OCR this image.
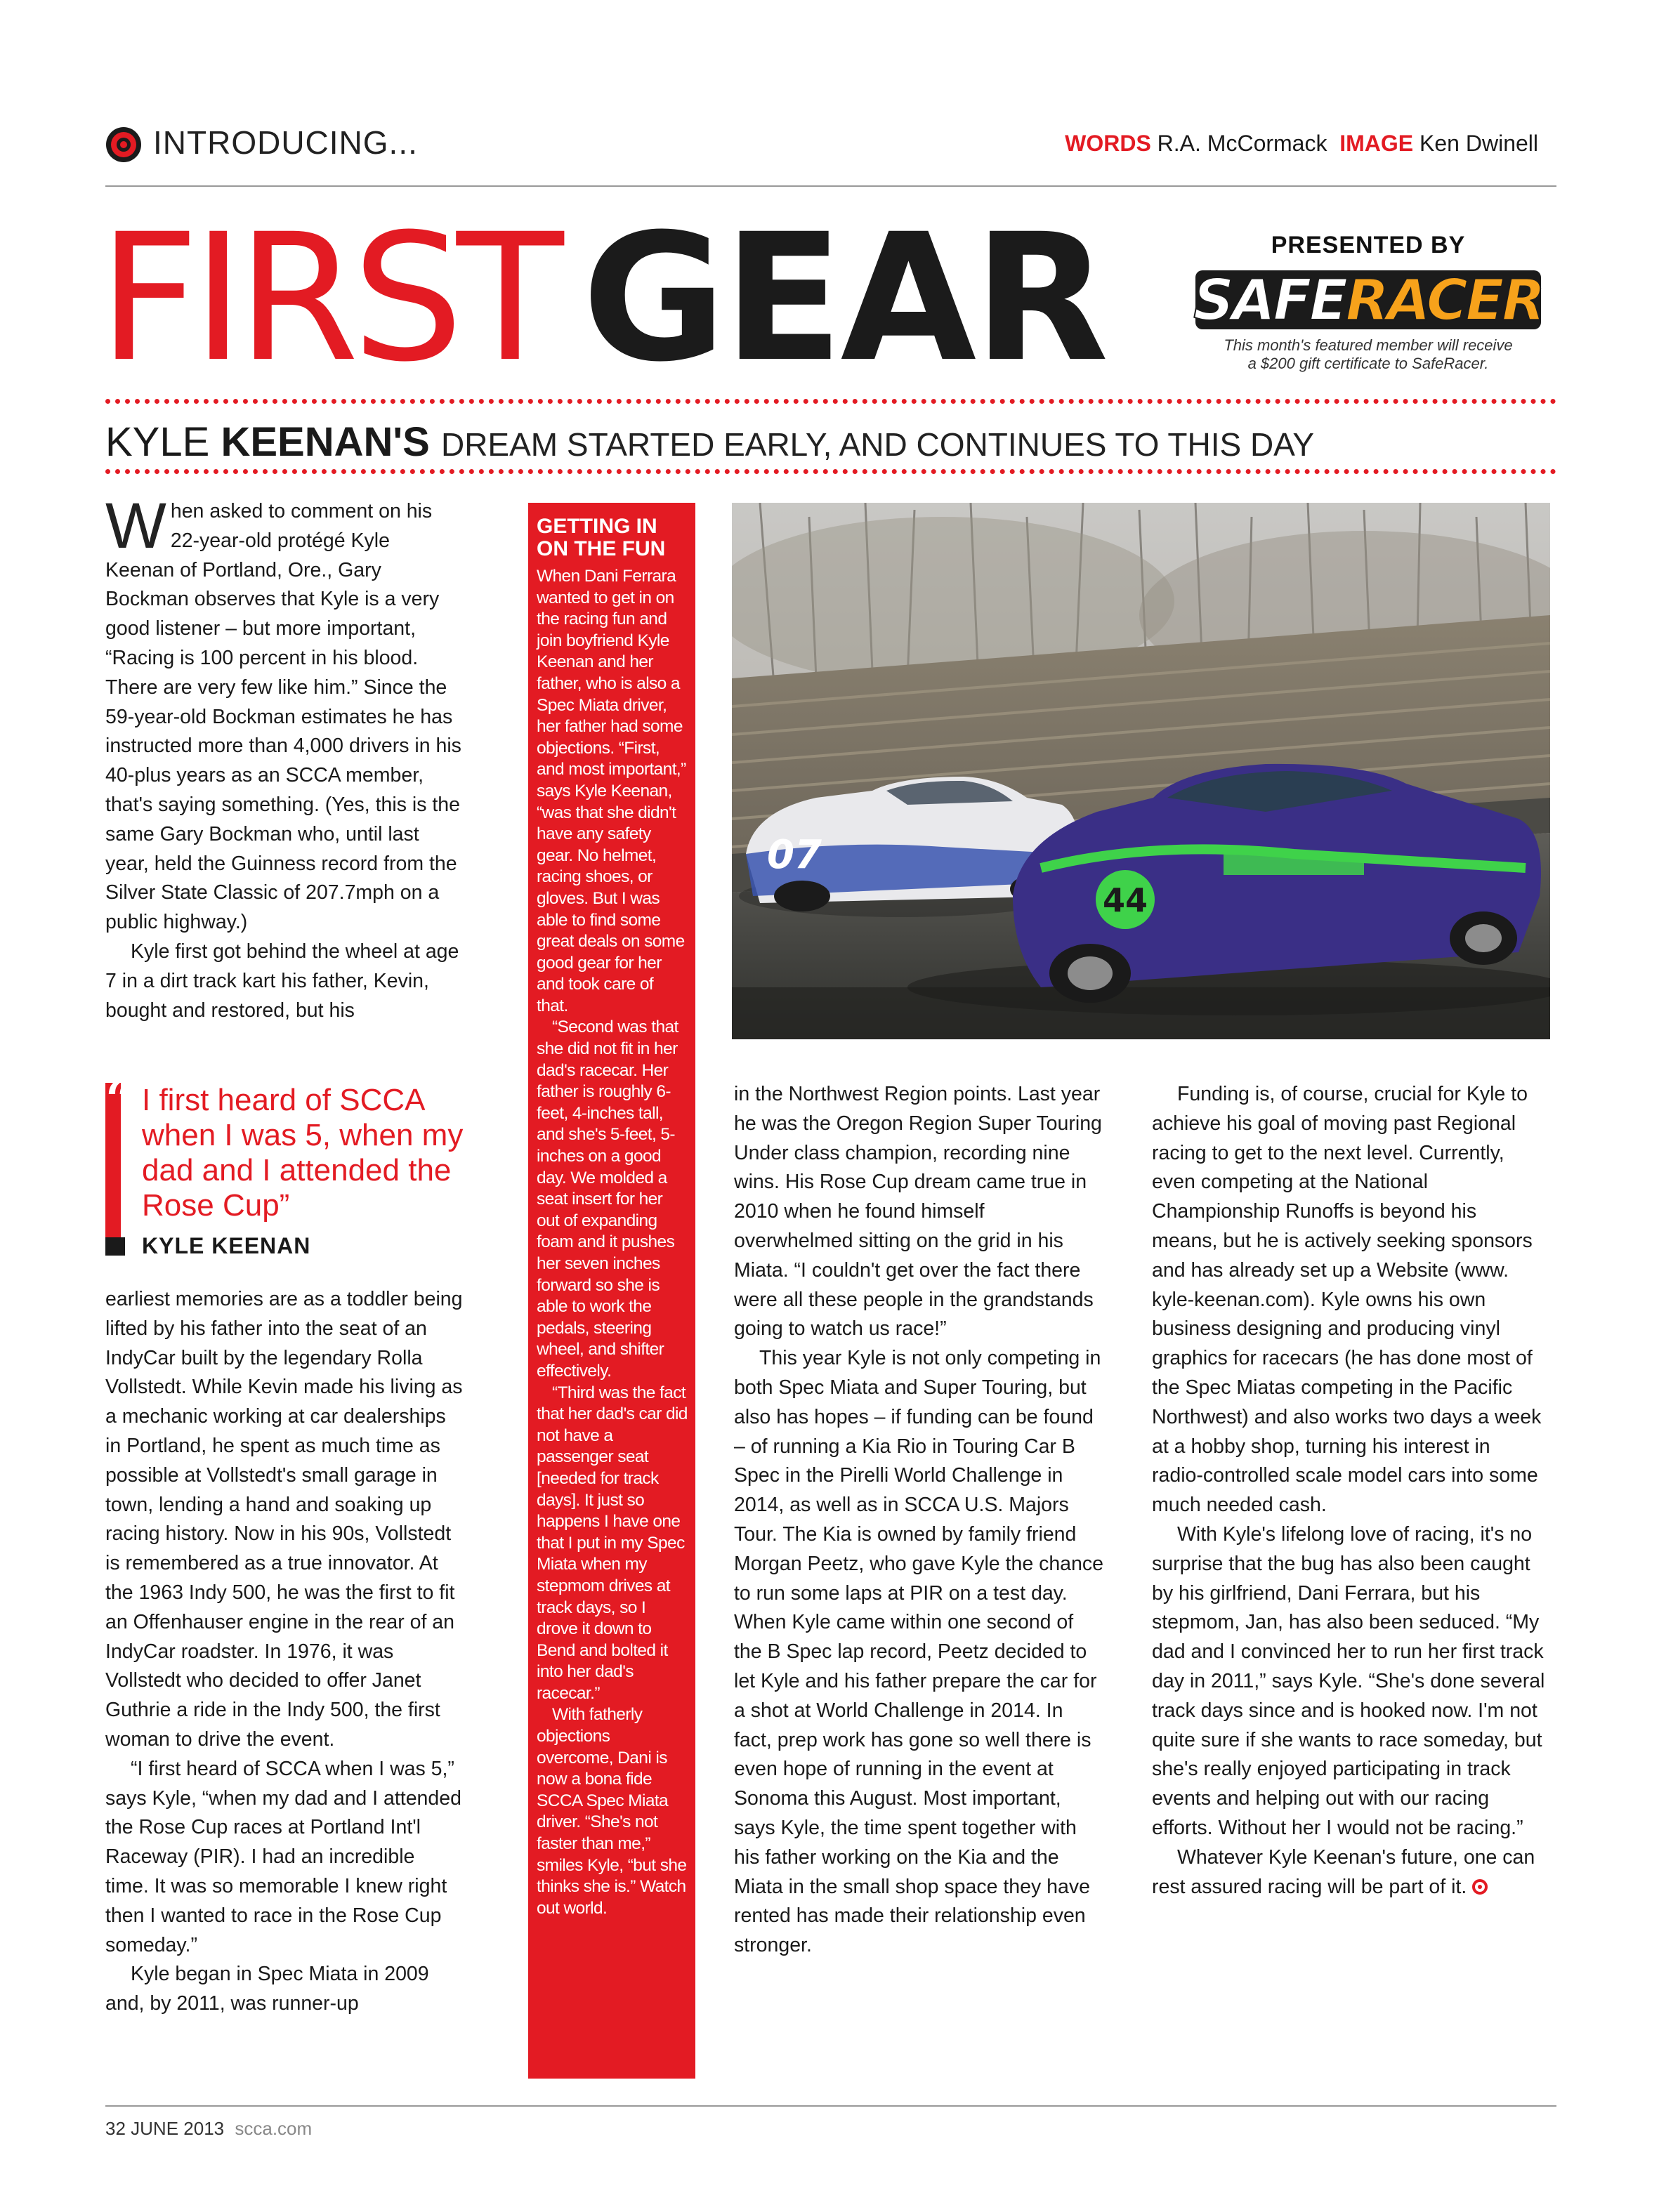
INTRODUCING...	WORDS R.A. McCormack IMAGE Ken Dwinell
FIRST GEAR	PRESENTED BY
SAFERACER
This month's featured member will receive
a $200 gift certificate to SafeRacer.
KYLE KEENAN'S DREAM STARTED EARLY, AND CONTINUES TO THIS DAY

When asked to comment on his 22-year-old protégé Kyle Keenan of Portland, Ore., Gary Bockman observes that Kyle is a very good listener – but more important, “Racing is 100 percent in his blood. There are very few like him.” Since the 59-year-old Bockman estimates he has instructed more than 4,000 drivers in his 40-plus years as an SCCA member, that's saying something. (Yes, this is the same Gary Bockman who, until last year, held the Guinness record from the Silver State Classic of 207.7mph on a public highway.)

Kyle first got behind the wheel at age 7 in a dirt track kart his father, Kevin, bought and restored, but his

“ I first heard of SCCA when I was 5, when my dad and I attended the Rose Cup”
KYLE KEENAN

earliest memories are as a toddler being lifted by his father into the seat of an IndyCar built by the legendary Rolla Vollstedt. While Kevin made his living as a mechanic working at car dealerships in Portland, he spent as much time as possible at Vollstedt's small garage in town, lending a hand and soaking up racing history. Now in his 90s, Vollstedt is remembered as a true innovator. At the 1963 Indy 500, he was the first to fit an Offenhauser engine in the rear of an IndyCar roadster. In 1976, it was Vollstedt who decided to offer Janet Guthrie a ride in the Indy 500, the first woman to drive the event.

“I first heard of SCCA when I was 5,” says Kyle, “when my dad and I attended the Rose Cup races at Portland Int'l Raceway (PIR). I had an incredible time. It was so memorable I knew right then I wanted to race in the Rose Cup someday.”

Kyle began in Spec Miata in 2009 and, by 2011, was runner-up

GETTING IN
ON THE FUN

When Dani Ferrara wanted to get in on the racing fun and join boyfriend Kyle Keenan and her father, who is also a Spec Miata driver, her father had some objections. “First, and most important,” says Kyle Keenan, “was that she didn't have any safety gear. No helmet, racing shoes, or gloves. But I was able to find some great deals on some good gear for her and took care of that.

“Second was that she did not fit in her dad's racecar. Her father is roughly 6-feet, 4-inches tall, and she's 5-feet, 5-inches on a good day. We molded a seat insert for her out of expanding foam and it pushes her seven inches forward so she is able to work the pedals, steering wheel, and shifter effectively.

“Third was the fact that her dad's car did not have a passenger seat [needed for track days]. It just so happens I have one that I put in my Spec Miata when my stepmom drives at track days, so I drove it down to Bend and bolted it into her dad's racecar.”

With fatherly objections overcome, Dani is now a bona fide SCCA Spec Miata driver. “She's not faster than me,” smiles Kyle, “but she thinks she is.” Watch out world.

07
44

in the Northwest Region points. Last year he was the Oregon Region Super Touring Under class champion, recording nine wins. His Rose Cup dream came true in 2010 when he found himself overwhelmed sitting on the grid in his Miata. “I couldn't get over the fact there were all these people in the grandstands going to watch us race!”

This year Kyle is not only competing in both Spec Miata and Super Touring, but also has hopes – if funding can be found – of running a Kia Rio in Touring Car B Spec in the Pirelli World Challenge in 2014, as well as in SCCA U.S. Majors Tour. The Kia is owned by family friend Morgan Peetz, who gave Kyle the chance to run some laps at PIR on a test day. When Kyle came within one second of the B Spec lap record, Peetz decided to let Kyle and his father prepare the car for a shot at World Challenge in 2014. In fact, prep work has gone so well there is even hope of running in the event at Sonoma this August. Most important, says Kyle, the time spent together with his father working on the Kia and the Miata in the small shop space they have rented has made their relationship even stronger.

Funding is, of course, crucial for Kyle to achieve his goal of moving past Regional racing to get to the next level. Currently, even competing at the National Championship Runoffs is beyond his means, but he is actively seeking sponsors and has already set up a Website (www. kyle-keenan.com). Kyle owns his own business designing and producing vinyl graphics for racecars (he has done most of the Spec Miatas competing in the Pacific Northwest) and also works two days a week at a hobby shop, turning his interest in radio-controlled scale model cars into some much needed cash.

With Kyle's lifelong love of racing, it's no surprise that the bug has also been caught by his girlfriend, Dani Ferrara, but his stepmom, Jan, has also been seduced. “My dad and I convinced her to run her first track day in 2011,” says Kyle. “She's done several track days since and is hooked now. I'm not quite sure if she wants to race someday, but she's really enjoyed participating in track events and helping out with our racing efforts. Without her I would not be racing.”

Whatever Kyle Keenan's future, one can rest assured racing will be part of it.

32 JUNE 2013 scca.com
